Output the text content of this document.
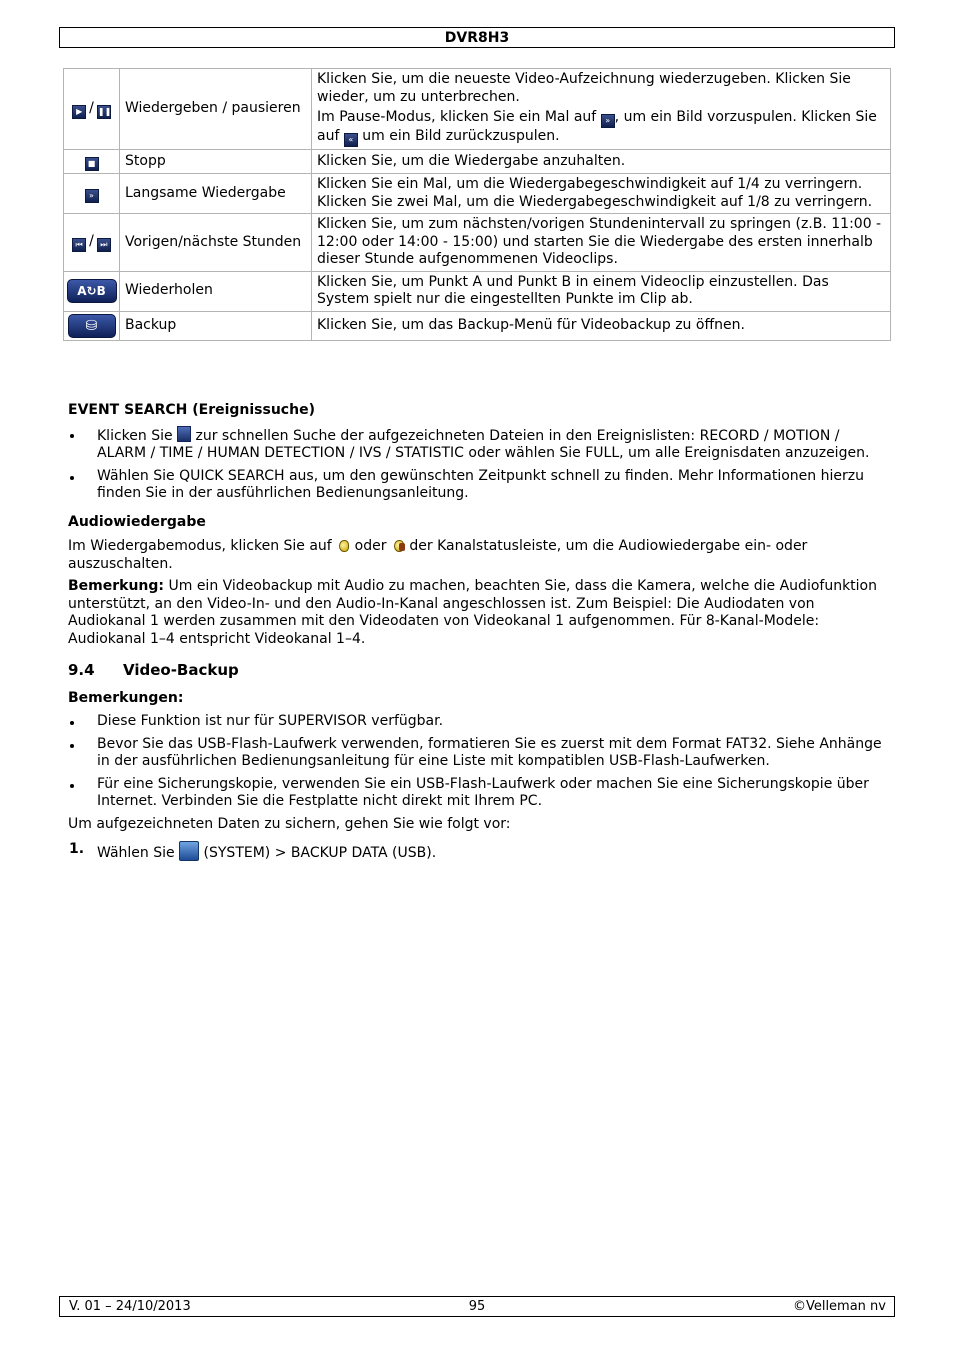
DVR8H3
▶ / ❚❚	Wiedergeben / pausieren	Klicken Sie, um die neueste Video-Aufzeichnung wiederzugeben. Klicken Sie wieder, um zu unterbrechen.

Im Pause-Modus, klicken Sie ein Mal auf » , um ein Bild vorzuspulen. Klicken Sie auf « um ein Bild zurückzuspulen.

■	Stopp	Klicken Sie, um die Wiedergabe anzuhalten.

»	Langsame Wiedergabe	Klicken Sie ein Mal, um die Wiedergabegeschwindigkeit auf 1/4 zu verringern. Klicken Sie zwei Mal, um die Wiedergabegeschwindigkeit auf 1/8 zu verringern.

⏮ / ⏭	Vorigen/nächste Stunden	Klicken Sie, um zum nächsten/vorigen Stundenintervall zu springen (z.B. 11:00 - 12:00 oder 14:00 - 15:00) und starten Sie die Wiedergabe des ersten innerhalb dieser Stunde aufgenommenen Videoclips.

A↻B	Wiederholen	Klicken Sie, um Punkt A und Punkt B in einem Videoclip einzustellen. Das System spielt nur die eingestellten Punkte im Clip ab.

⛁	Backup	Klicken Sie, um das Backup-Menü für Videobackup zu öffnen.

EVENT SEARCH (Ereignissuche)

Klicken Sie  zur schnellen Suche der aufgezeichneten Dateien in den Ereignislisten: RECORD / MOTION / ALARM / TIME / HUMAN DETECTION / IVS / STATISTIC oder wählen Sie FULL, um alle Ereignisdaten anzuzeigen.
Wählen Sie QUICK SEARCH aus, um den gewünschten Zeitpunkt schnell zu finden. Mehr Informationen hierzu finden Sie in der ausführlichen Bedienungsanleitung.

Audiowiedergabe

Im Wiedergabemodus, klicken Sie auf  oder  der Kanalstatusleiste, um die Audiowiedergabe ein- oder auszuschalten.

Bemerkung: Um ein Videobackup mit Audio zu machen, beachten Sie, dass die Kamera, welche die Audiofunktion unterstützt, an den Video-In- und den Audio-In-Kanal angeschlossen ist. Zum Beispiel: Die Audiodaten von Audiokanal 1 werden zusammen mit den Videodaten von Videokanal 1 aufgenommen. Für 8-Kanal-Modele: Audiokanal 1–4 entspricht Videokanal 1–4.

9.4 Video-Backup

Bemerkungen:

Diese Funktion ist nur für SUPERVISOR verfügbar.
Bevor Sie das USB-Flash-Laufwerk verwenden, formatieren Sie es zuerst mit dem Format FAT32. Siehe Anhänge in der ausführlichen Bedienungsanleitung für eine Liste mit kompatiblen USB-Flash-Laufwerken.
Für eine Sicherungskopie, verwenden Sie ein USB-Flash-Laufwerk oder machen Sie eine Sicherungskopie über Internet. Verbinden Sie die Festplatte nicht direkt mit Ihrem PC.

Um aufgezeichneten Daten zu sichern, gehen Sie wie folgt vor:

1. Wählen Sie  (SYSTEM) > BACKUP DATA (USB).
V. 01 – 24/10/2013	95	©Velleman nv
